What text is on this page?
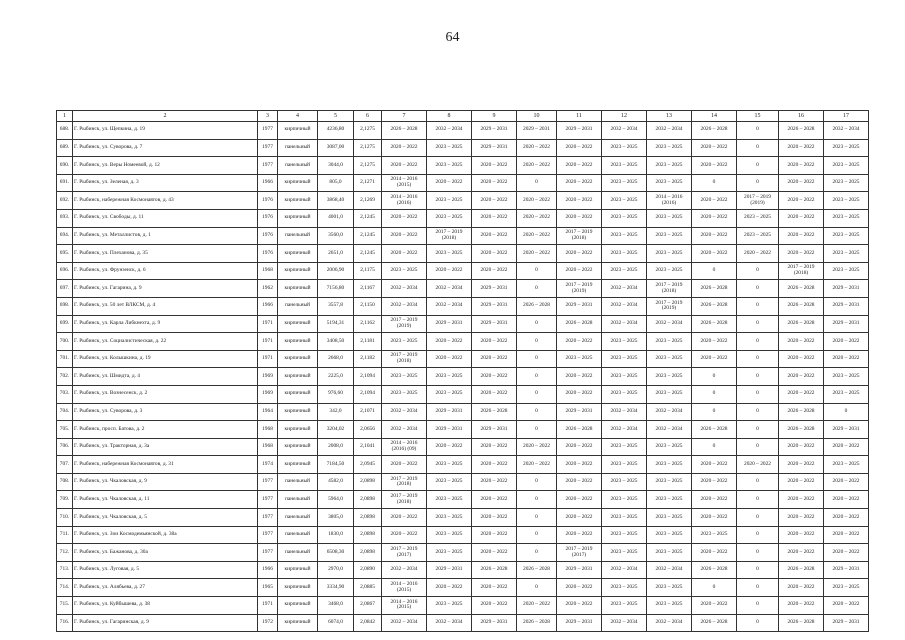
64
1	2	3	4	5	6	7	8	9	10	11	12	13	14	15	16	17
688.	Г. Рыбинск, ул. Щепкина, д. 19	1977	кирпичный	4236,80	2,1275	2026 – 2028	2032 – 2034	2029 – 2031	2029 – 2031	2029 – 2031	2032 – 2034	2032 – 2034	2026 – 2028	0	2026 – 2028	2032 – 2034
689.	Г. Рыбинск, ул. Суворова, д. 7	1977	панельный	3087,00	2,1275	2020 – 2022	2023 – 2025	2029 – 2031	2020 – 2022	2020 – 2022	2023 – 2025	2023 – 2025	2020 – 2022	0	2020 – 2022	2023 – 2025
690.	Г. Рыбинск, ул. Веры Номеевой, д. 12	1977	панельный	3044,0	2,1275	2020 – 2022	2023 – 2025	2020 – 2022	2020 – 2022	2020 – 2022	2023 – 2025	2023 – 2025	2020 – 2022	0	2020 – 2022	2023 – 2025
691.	Г. Рыбинск, ул. Зеленая, д. 3	1966	кирпичный	805,0	2,1271	2014 – 2016 (2015)	2020 – 2022	2020 – 2022	0	2020 – 2022	2023 – 2025	2023 – 2025	0	0	2020 – 2022	2023 – 2025
692.	Г. Рыбинск, набережная Космонавтов, д. 43	1976	кирпичный	3868,40	2,1269	2014 – 2016 (2016)	2023 – 2025	2020 – 2022	2020 – 2022	2020 – 2022	2023 – 2025	2014 – 2016 (2016)	2020 – 2022	2017 – 2019 (2019)	2020 – 2022	2023 – 2025
693.	Г. Рыбинск, ул. Свободы, д. 11	1976	кирпичный	4001,0	2,1245	2020 – 2022	2023 – 2025	2020 – 2022	2020 – 2022	2020 – 2022	2023 – 2025	2023 – 2025	2020 – 2022	2023 – 2025	2020 – 2022	2023 – 2025
694.	Г. Рыбинск, ул. Металлистов, д. 1	1976	панельный	3560,0	2,1245	2020 – 2022	2017 – 2019 (2018)	2020 – 2022	2020 – 2022	2017 – 2019 (2018)	2023 – 2025	2023 – 2025	2020 – 2022	2023 – 2025	2020 – 2022	2023 – 2025
695.	Г. Рыбинск, ул. Плеханова, д. 35	1976	кирпичный	2651,0	2,1245	2020 – 2022	2023 – 2025	2020 – 2022	2020 – 2022	2020 – 2022	2023 – 2025	2023 – 2025	2020 – 2022	2020 – 2022	2020 – 2022	2023 – 2025
696.	Г. Рыбинск, ул. Фрунзенск, д. 6	1968	кирпичный	2006,90	2,1175	2023 – 2025	2020 – 2022	2020 – 2022	0	2020 – 2022	2023 – 2025	2023 – 2025	0	0	2017 – 2019 (2018)	2023 – 2025
697.	Г. Рыбинск, ул. Гагарина, д. 9	1962	кирпичный	7156,80	2,1167	2032 – 2034	2032 – 2034	2029 – 2031	0	2017 – 2019 (2019)	2032 – 2034	2017 – 2019 (2018)	2026 – 2028	0	2026 – 2028	2029 – 2031
698.	Г. Рыбинск, ул. 50 лет ВЛКСМ, д. 4	1966	панельный	3557,8	2,1150	2032 – 2034	2032 – 2034	2029 – 2031	2026 – 2028	2029 – 2031	2032 – 2034	2017 – 2019 (2019)	2026 – 2028	0	2026 – 2028	2029 – 2031
699.	Г. Рыбинск, ул. Карла Либкнехта, д. 9	1971	кирпичный	5194,31	2,1162	2017 – 2019 (2019)	2029 – 2031	2029 – 2031	0	2026 – 2028	2032 – 2034	2032 – 2034	2026 – 2028	0	2026 – 2028	2029 – 2031
700.	Г. Рыбинск, ул. Социалистическая, д. 22	1971	кирпичный	3408,50	2,1181	2023 – 2025	2020 – 2022	2020 – 2022	0	2020 – 2022	2023 – 2025	2023 – 2025	2020 – 2022	0	2020 – 2022	2020 – 2022
701.	Г. Рыбинск, ул. Колышкина, д. 19	1971	кирпичный	2668,0	2,1182	2017 – 2019 (2018)	2020 – 2022	2020 – 2022	0	2023 – 2025	2023 – 2025	2023 – 2025	2020 – 2022	0	2020 – 2022	2020 – 2022
702.	Г. Рыбинск, ул. Шмидта, д. 4	1969	кирпичный	2225,0	2,1094	2023 – 2025	2023 – 2025	2020 – 2022	0	2020 – 2022	2023 – 2025	2023 – 2025	0	0	2020 – 2022	2023 – 2025
703.	Г. Рыбинск, ул. Вознесенск, д. 2	1969	кирпичный	976,60	2,1094	2023 – 2025	2023 – 2025	2020 – 2022	0	2020 – 2022	2023 – 2025	2023 – 2025	0	0	2020 – 2022	2023 – 2025
704.	Г. Рыбинск, ул. Суворова, д. 3	1964	кирпичный	342,0	2,1071	2032 – 2034	2029 – 2031	2026 – 2028	0	2029 – 2031	2032 – 2034	2032 – 2034	0	0	2026 – 2028	0
705.	Г. Рыбинск, просп. Батова, д. 2	1968	кирпичный	3204,02	2,0656	2032 – 2034	2029 – 2031	2029 – 2031	0	2026 – 2028	2032 – 2034	2032 – 2034	2026 – 2028	0	2026 – 2028	2029 – 2031
706.	Г. Рыбинск, ул. Тракторная, д. 3а	1968	кирпичный	2008,0	2,1041	2014 – 2016 (2016) (09)	2020 – 2022	2020 – 2022	2020 – 2022	2020 – 2022	2023 – 2025	2023 – 2025	0	0	2020 – 2022	2020 – 2022
707.	Г. Рыбинск, набережная Космонавтов, д. 31	1974	кирпичный	7184,50	2,0945	2020 – 2022	2023 – 2025	2020 – 2022	2020 – 2022	2020 – 2022	2023 – 2025	2023 – 2025	2020 – 2022	2020 – 2022	2020 – 2022	2023 – 2025
708.	Г. Рыбинск, ул. Чкаловская, д. 9	1977	панельный	4582,0	2,0898	2017 – 2019 (2018)	2023 – 2025	2020 – 2022	0	2020 – 2022	2023 – 2025	2023 – 2025	2020 – 2022	0	2020 – 2022	2020 – 2022
709.	Г. Рыбинск, ул. Чкаловская, д. 11	1977	панельный	5964,0	2,0898	2017 – 2019 (2018)	2023 – 2025	2020 – 2022	0	2020 – 2022	2023 – 2025	2023 – 2025	2020 – 2022	0	2020 – 2022	2020 – 2022
710.	Г. Рыбинск, ул. Чкаловская, д. 5	1977	панельный	3805,0	2,0898	2020 – 2022	2023 – 2025	2020 – 2022	0	2020 – 2022	2023 – 2025	2023 – 2025	2020 – 2022	0	2020 – 2022	2020 – 2022
711.	Г. Рыбинск, ул. Зои Космодемьянской, д. 38а	1977	панельный	1830,0	2,0898	2020 – 2022	2023 – 2025	2020 – 2022	0	2020 – 2022	2023 – 2025	2023 – 2025	2023 – 2025	0	2020 – 2022	2020 – 2022
712.	Г. Рыбинск, ул. Бажанова, д. 30а	1977	панельный	6508,30	2,0898	2017 – 2019 (2017)	2023 – 2025	2020 – 2022	0	2017 – 2019 (2017)	2023 – 2025	2023 – 2025	2020 – 2022	0	2020 – 2022	2020 – 2022
713.	Г. Рыбинск, ул. Луговая, д. 5	1966	кирпичный	2970,0	2,0890	2032 – 2034	2029 – 2031	2026 – 2028	2026 – 2028	2029 – 2031	2032 – 2034	2032 – 2034	2026 – 2028	0	2026 – 2028	2029 – 2031
714.	Г. Рыбинск, ул. Алябьева, д. 27	1965	кирпичный	3334,90	2,0885	2014 – 2016 (2015)	2020 – 2022	2020 – 2022	0	2020 – 2022	2023 – 2025	2023 – 2025	0	0	2020 – 2022	2023 – 2025
715.	Г. Рыбинск, ул. Куйбышева, д. 38	1971	кирпичный	3468,0	2,0867	2014 – 2016 (2015)	2023 – 2025	2020 – 2022	2020 – 2022	2020 – 2022	2023 – 2025	2023 – 2025	2020 – 2022	0	2020 – 2022	2020 – 2022
716.	Г. Рыбинск, ул. Гагаринская, д. 9	1972	кирпичный	6074,0	2,0842	2032 – 2034	2032 – 2034	2029 – 2031	2026 – 2028	2029 – 2031	2032 – 2034	2032 – 2034	2026 – 2028	0	2026 – 2028	2029 – 2031
